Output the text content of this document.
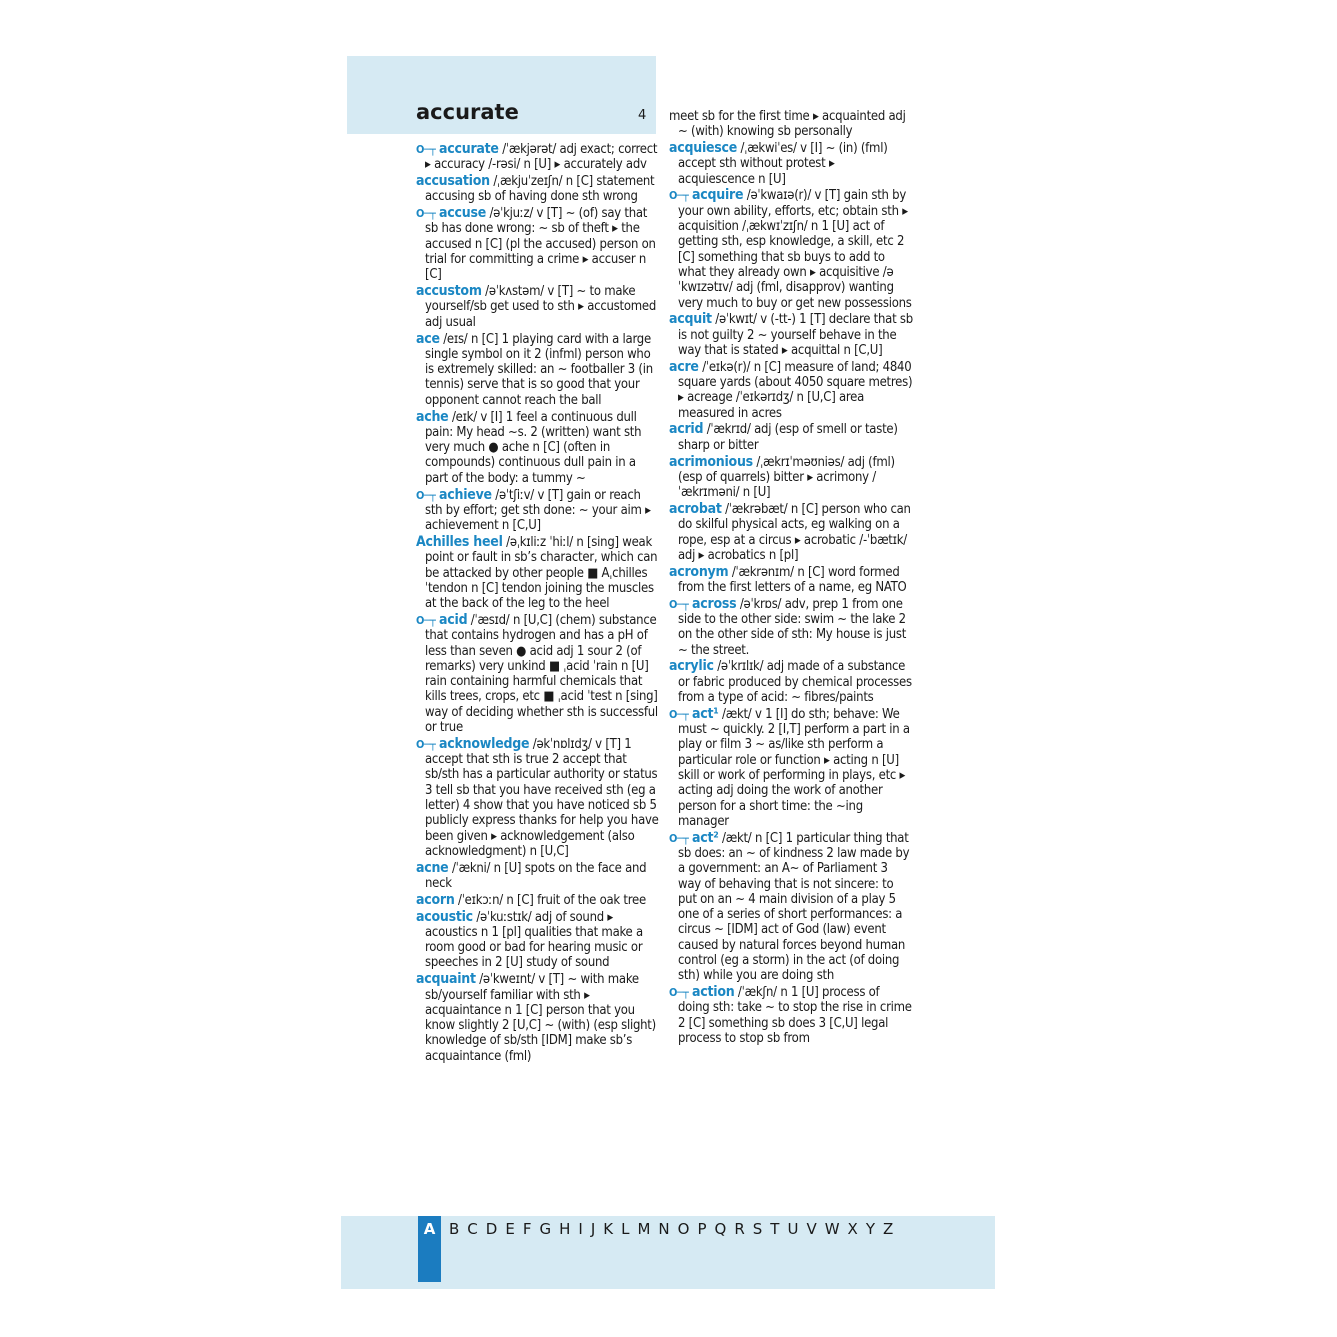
accurate	4
O─┬ accurate /ˈækjərət/ adj exact; correct ▸ accuracy /-rəsi/ n [U] ▸ accurately adv
accusation /ˌækjuˈzeɪʃn/ n [C] statement accusing sb of having done sth wrong
O─┬ accuse /əˈkjuːz/ v [T] ~ (of) say that sb has done wrong: ~ sb of theft ▸ the accused n [C] (pl the accused) person on trial for committing a crime ▸ accuser n [C]
accustom /əˈkʌstəm/ v [T] ~ to make yourself/sb get used to sth ▸ accustomed adj usual
ace /eɪs/ n [C] 1 playing card with a large single symbol on it 2 (infml) person who is extremely skilled: an ~ footballer 3 (in tennis) serve that is so good that your opponent cannot reach the ball
ache /eɪk/ v [I] 1 feel a continuous dull pain: My head ~s. 2 (written) want sth very much ● ache n [C] (often in compounds) continuous dull pain in a part of the body: a tummy ~
O─┬ achieve /əˈtʃiːv/ v [T] gain or reach sth by effort; get sth done: ~ your aim ▸ achievement n [C,U]
Achilles heel /əˌkɪliːz ˈhiːl/ n [sing] weak point or fault in sb’s character, which can be attacked by other people ■ Aˌchilles ˈtendon n [C] tendon joining the muscles at the back of the leg to the heel
O─┬ acid /ˈæsɪd/ n [U,C] (chem) substance that contains hydrogen and has a pH of less than seven ● acid adj 1 sour 2 (of remarks) very unkind ■ ˌacid ˈrain n [U] rain containing harmful chemicals that kills trees, crops, etc ■ ˌacid ˈtest n [sing] way of deciding whether sth is successful or true
O─┬ acknowledge /əkˈnɒlɪdʒ/ v [T] 1 accept that sth is true 2 accept that sb/sth has a particular authority or status 3 tell sb that you have received sth (eg a letter) 4 show that you have noticed sb 5 publicly express thanks for help you have been given ▸ acknowledgement (also acknowledgment) n [U,C]
acne /ˈækni/ n [U] spots on the face and neck
acorn /ˈeɪkɔːn/ n [C] fruit of the oak tree
acoustic /əˈkuːstɪk/ adj of sound ▸ acoustics n 1 [pl] qualities that make a room good or bad for hearing music or speeches in 2 [U] study of sound
acquaint /əˈkweɪnt/ v [T] ~ with make sb/yourself familiar with sth ▸ acquaintance n 1 [C] person that you know slightly 2 [U,C] ~ (with) (esp slight) knowledge of sb/sth [IDM] make sb’s acquaintance (fml)
meet sb for the first time ▸ acquainted adj ~ (with) knowing sb personally
acquiesce /ˌækwiˈes/ v [I] ~ (in) (fml) accept sth without protest ▸ acquiescence n [U]
O─┬ acquire /əˈkwaɪə(r)/ v [T] gain sth by your own ability, efforts, etc; obtain sth ▸ acquisition /ˌækwɪˈzɪʃn/ n 1 [U] act of getting sth, esp knowledge, a skill, etc 2 [C] something that sb buys to add to what they already own ▸ acquisitive /əˈkwɪzətɪv/ adj (fml, disapprov) wanting very much to buy or get new possessions
acquit /əˈkwɪt/ v (-tt-) 1 [T] declare that sb is not guilty 2 ~ yourself behave in the way that is stated ▸ acquittal n [C,U]
acre /ˈeɪkə(r)/ n [C] measure of land; 4840 square yards (about 4050 square metres) ▸ acreage /ˈeɪkərɪdʒ/ n [U,C] area measured in acres
acrid /ˈækrɪd/ adj (esp of smell or taste) sharp or bitter
acrimonious /ˌækrɪˈməʊniəs/ adj (fml) (esp of quarrels) bitter ▸ acrimony /ˈækrɪməni/ n [U]
acrobat /ˈækrəbæt/ n [C] person who can do skilful physical acts, eg walking on a rope, esp at a circus ▸ acrobatic /-ˈbætɪk/ adj ▸ acrobatics n [pl]
acronym /ˈækrənɪm/ n [C] word formed from the first letters of a name, eg NATO
O─┬ across /əˈkrɒs/ adv, prep 1 from one side to the other side: swim ~ the lake 2 on the other side of sth: My house is just ~ the street.
acrylic /əˈkrɪlɪk/ adj made of a substance or fabric produced by chemical processes from a type of acid: ~ fibres/paints
O─┬ act¹ /ækt/ v 1 [I] do sth; behave: We must ~ quickly. 2 [I,T] perform a part in a play or film 3 ~ as/like sth perform a particular role or function ▸ acting n [U] skill or work of performing in plays, etc ▸ acting adj doing the work of another person for a short time: the ~ing manager
O─┬ act² /ækt/ n [C] 1 particular thing that sb does: an ~ of kindness 2 law made by a government: an A~ of Parliament 3 way of behaving that is not sincere: to put on an ~ 4 main division of a play 5 one of a series of short performances: a circus ~ [IDM] act of God (law) event caused by natural forces beyond human control (eg a storm) in the act (of doing sth) while you are doing sth
O─┬ action /ˈækʃn/ n 1 [U] process of doing sth: take ~ to stop the rise in crime 2 [C] something sb does 3 [C,U] legal process to stop sb from
A B C D E F G H I J K L M N O P Q R S T U V W X Y Z
